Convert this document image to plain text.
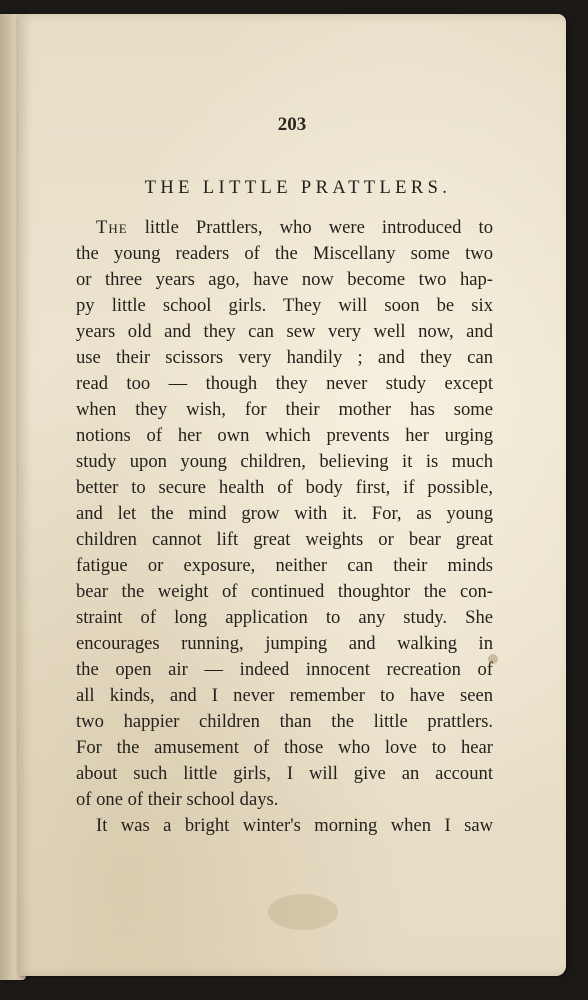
203
THE LITTLE PRATTLERS.
The little Prattlers, who were introduced to
the young readers of the Miscellany some two
or three years ago, have now become two hap-
py little school girls. They will soon be six
years old and they can sew very well now, and
use their scissors very handily ; and they can
read too — though they never study except
when they wish, for their mother has some
notions of her own which prevents her urging
study upon young children, believing it is much
better to secure health of body first, if possible,
and let the mind grow with it. For, as young
children cannot lift great weights or bear great
fatigue or exposure, neither can their minds
bear the weight of continued thoughtor the con-
straint of long application to any study. She
encourages running, jumping and walking in
the open air — indeed innocent recreation of
all kinds, and I never remember to have seen
two happier children than the little prattlers.
For the amusement of those who love to hear
about such little girls, I will give an account
of one of their school days.
It was a bright winter's morning when I saw
